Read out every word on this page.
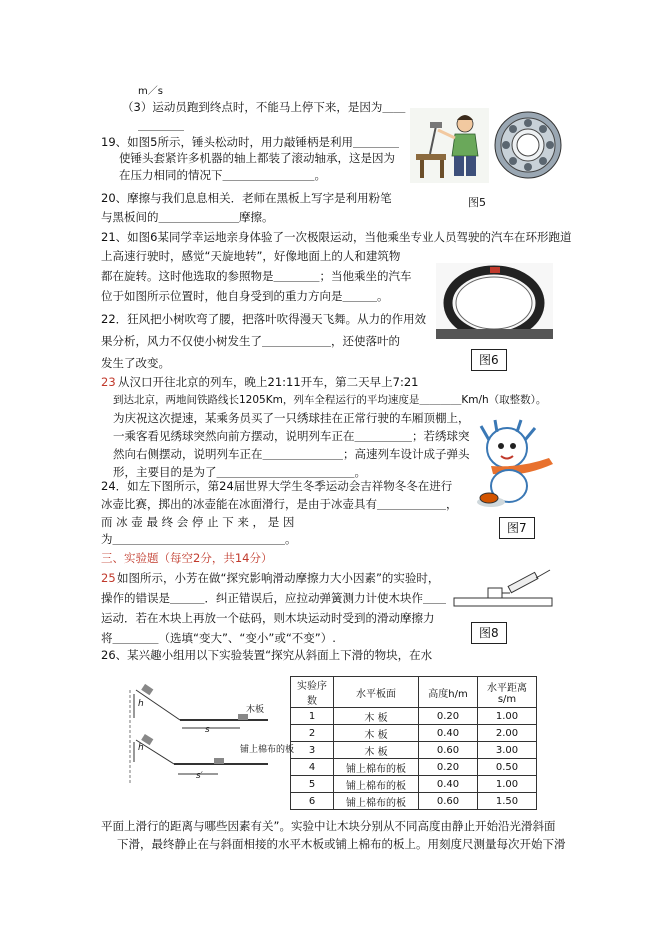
m／s
（3）运动员跑到终点时，不能马上停下来，是因为＿＿
＿＿＿＿
19、如图5所示，锤头松动时，用力敲锤柄是利用＿＿＿＿
使锤头套紧许多机器的轴上都装了滚动轴承，这是因为
在压力相同的情况下＿＿＿＿＿＿＿＿。
20、摩擦与我们息息相关．老师在黑板上写字是利用粉笔
与黑板间的＿＿＿＿＿＿＿摩擦。
21、如图6某同学幸运地亲身体验了一次极限运动，当他乘坐专业人员驾驶的汽车在环形跑道
上高速行驶时，感觉“天旋地转”，好像地面上的人和建筑物
都在旋转。这时他选取的参照物是＿＿＿＿；当他乘坐的汽车
位于如图所示位置时，他自身受到的重力方向是＿＿＿。
22．狂风把小树吹弯了腰，把落叶吹得漫天飞舞。从力的作用效
果分析，风力不仅使小树发生了＿＿＿＿＿＿，还使落叶的
发生了改变。
23 从汉口开往北京的列车，晚上21:11开车，第二天早上7:21
到达北京，两地间铁路线长1205Km，列车全程运行的平均速度是＿＿＿＿Km/h（取整数）。
为庆祝这次提速，某乘务员买了一只绣球挂在正常行驶的车厢顶棚上，
一乘客看见绣球突然向前方摆动，说明列车正在＿＿＿＿＿；若绣球突
然向右侧摆动，说明列车正在＿＿＿＿＿＿＿；高速列车设计成子弹头
形，主要目的是为了＿＿＿＿＿＿＿＿＿＿＿＿。
24．如左下图所示，第24届世界大学生冬季运动会吉祥物冬冬在进行
冰壶比赛，掷出的冰壶能在冰面滑行，是由于冰壶具有＿＿＿＿＿＿，
而 冰 壶 最 终 会 停 止 下 来 ， 是 因
为＿＿＿＿＿＿＿＿＿＿＿＿＿＿＿。
三、实验题（每空2分，共14分）
25 如图所示，小芳在做“探究影响滑动摩擦力大小因素”的实验时，
操作的错误是＿＿＿．纠正错误后，应拉动弹簧测力计使木块作＿＿
运动．若在木块上再放一个砝码，则木块运动时受到的滑动摩擦力
将＿＿＿＿（选填“变大”、“变小”或“不变”）.
26、某兴趣小组用以下实验装置“探究从斜面上下滑的物块，在水
平面上滑行的距离与哪些因素有关”。实验中让木块分别从不同高度由静止开始沿光滑斜面
下滑，最终静止在与斜面相接的水平木板或铺上棉布的板上。用刻度尺测量每次开始下滑
图5
图6
图7
图8
h
h
木板
铺上棉布的板
s
s′
实验序数	水平板面	高度h/m	水平距离s/m
1	木 板	0.20	1.00
2	木 板	0.40	2.00
3	木 板	0.60	3.00
4	铺上棉布的板	0.20	0.50
5	铺上棉布的板	0.40	1.00
6	铺上棉布的板	0.60	1.50
